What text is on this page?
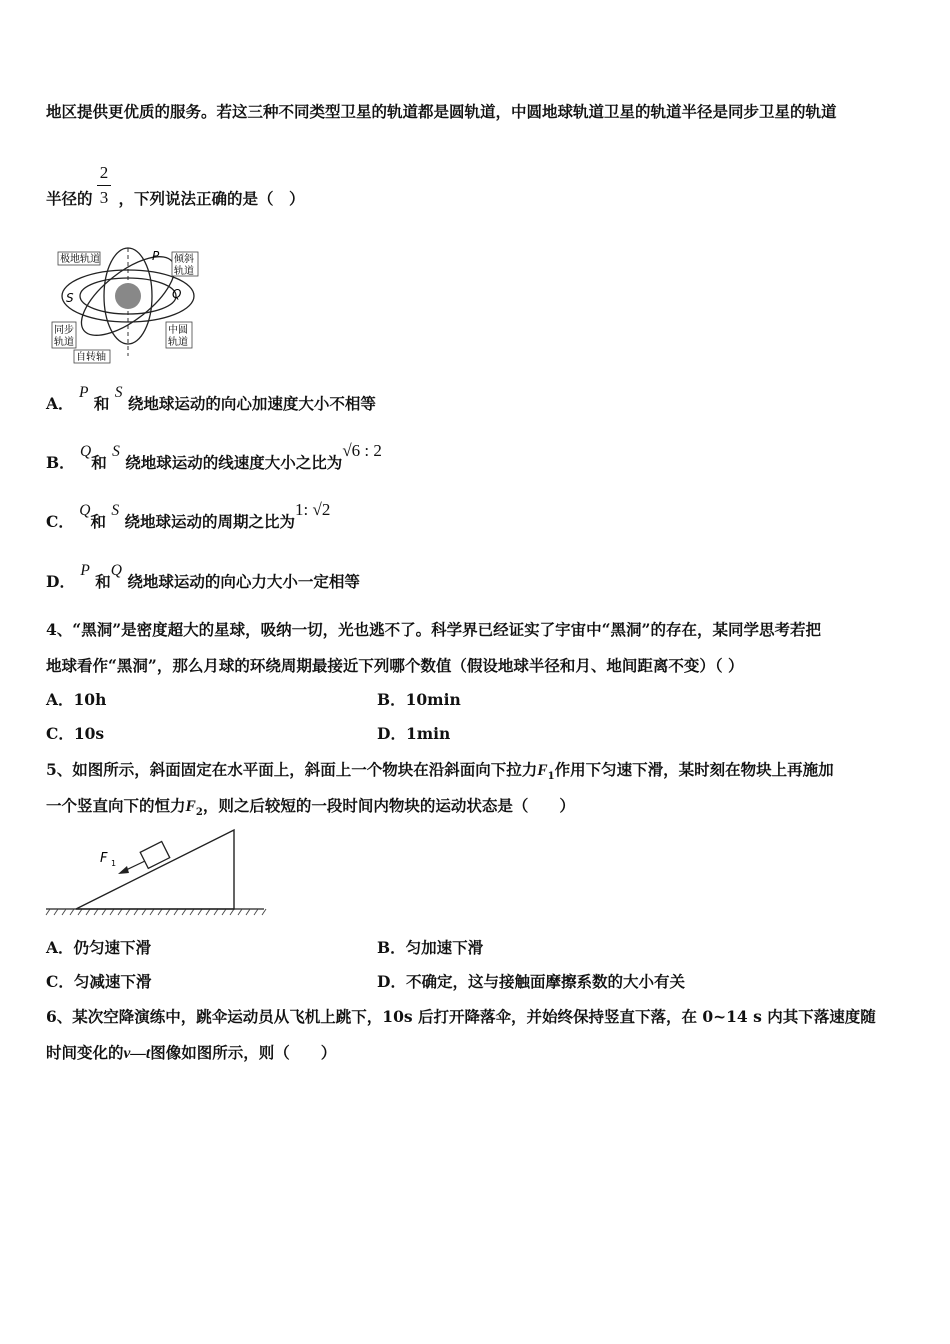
地区提供更优质的服务。若这三种不同类型卫星的轨道都是圆轨道，中圆地球轨道卫星的轨道半径是同步卫星的轨道
半径的 ，下列说法正确的是（　）
2
3
极地轨道	倾斜
轨道
同步
轨道
中圆
轨道
自转轴
P
S	Q
A． P 和 S 绕地球运动的向心加速度大小不相等
B． Q和 S 绕地球运动的线速度大小之比为√6 : 2
C． Q和 S 绕地球运动的周期之比为1: √2
D． P 和Q 绕地球运动的向心力大小一定相等
4、“黑洞”是密度超大的星球，吸纳一切，光也逃不了。科学界已经证实了宇宙中“黑洞”的存在，某同学思考若把
地球看作“黑洞”，那么月球的环绕周期最接近下列哪个数值（假设地球半径和月、地间距离不变）（ ）
A．10h	B．10min
C．10s	D．1min
5、如图所示，斜面固定在水平面上，斜面上一个物块在沿斜面向下拉力$F_1$作用下匀速下滑，某时刻在物块上再施加
一个竖直向下的恒力$F_2$，则之后较短的一段时间内物块的运动状态是（　　）
F 1
A．仍匀速下滑	B．匀加速下滑
C．匀减速下滑	D．不确定，这与接触面摩擦系数的大小有关
6、某次空降演练中，跳伞运动员从飞机上跳下，10s 后打开降落伞，并始终保持竖直下落，在 0~14 s 内其下落速度随
时间变化的v—t图像如图所示，则（　　）
